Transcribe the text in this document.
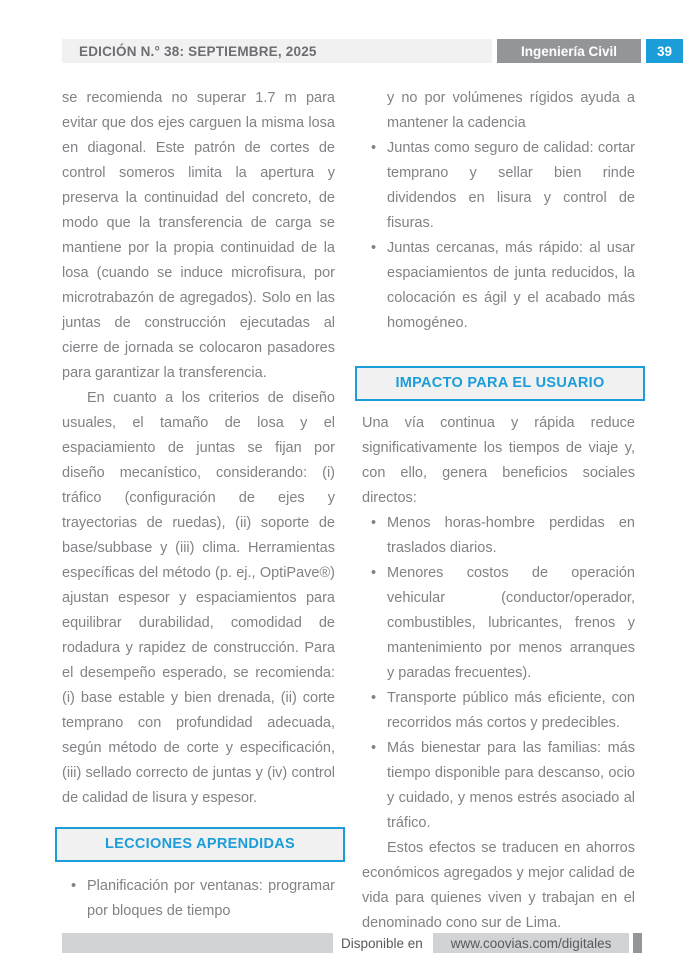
EDICIÓN N.° 38: SEPTIEMBRE, 2025	Ingeniería Civil	39

se recomienda no superar 1.7 m para evitar que dos ejes carguen la misma losa en diagonal. Este patrón de cortes de control someros limita la apertura y preserva la continuidad del concreto, de modo que la transferencia de carga se mantiene por la propia continuidad de la losa (cuando se induce microfisura, por microtrabazón de agregados). Solo en las juntas de construcción ejecutadas al cierre de jornada se colocaron pasadores para garantizar la transferencia.

En cuanto a los criterios de diseño usuales, el tamaño de losa y el espaciamiento de juntas se fijan por diseño mecanístico, considerando: (i) tráfico (configuración de ejes y trayectorias de ruedas), (ii) soporte de base/subbase y (iii) clima. Herramientas específicas del método (p. ej., OptiPave®) ajustan espesor y espaciamientos para equilibrar durabilidad, comodidad de rodadura y rapidez de construcción. Para el desempeño esperado, se recomienda: (i) base estable y bien drenada, (ii) corte temprano con profundidad adecuada, según método de corte y especificación, (iii) sellado correcto de juntas y (iv) control de calidad de lisura y espesor.

LECCIONES APRENDIDAS
• Planificación por ventanas: programar por bloques de tiempo
y no por volúmenes rígidos ayuda a mantener la cadencia
• Juntas como seguro de calidad: cortar temprano y sellar bien rinde dividendos en lisura y control de fisuras.
• Juntas cercanas, más rápido: al usar espaciamientos de junta reducidos, la colocación es ágil y el acabado más homogéneo.
IMPACTO PARA EL USUARIO

Una vía continua y rápida reduce significativamente los tiempos de viaje y, con ello, genera beneficios sociales directos:

• Menos horas-hombre perdidas en traslados diarios.
• Menores costos de operación vehicular (conductor/operador, combustibles, lubricantes, frenos y mantenimiento por menos arranques y paradas frecuentes).
• Transporte público más eficiente, con recorridos más cortos y predecibles.
• Más bienestar para las familias: más tiempo disponible para descanso, ocio y cuidado, y menos estrés asociado al tráfico.

Estos efectos se traducen en ahorros económicos agregados y mejor calidad de vida para quienes viven y trabajan en el denominado cono sur de Lima.

Disponible en	www.coovias.com/digitales
